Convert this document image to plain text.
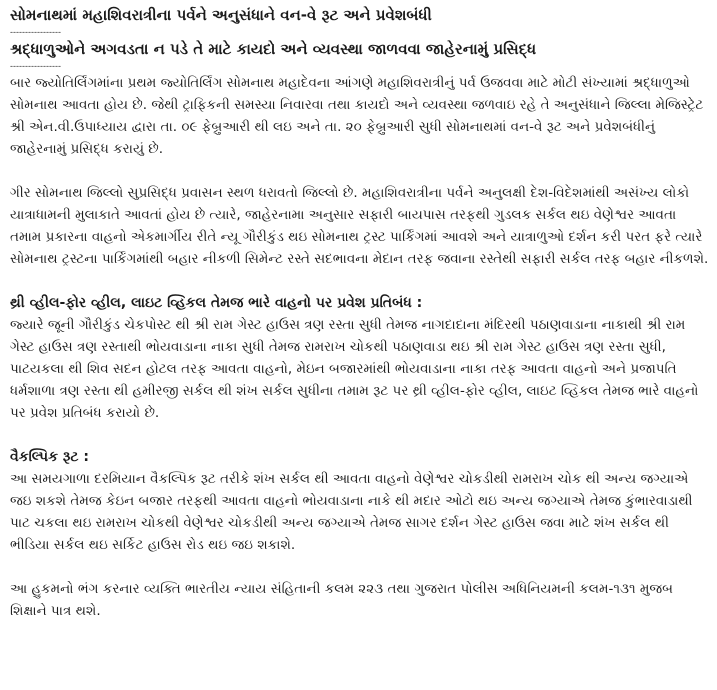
સોમનાથમાં મહાશિવરાત્રીના પર્વને અનુસંધાને વન-વે રૂટ અને પ્રવેશબંધી

-----------------

શ્રદ્ધાળુઓને અગવડતા ન પડે તે માટે કાયદો અને વ્યવસ્થા જાળવવા જાહેરનામું પ્રસિદ્ધ

-----------------

બાર જ્યોતિર્લિંગમાંના પ્રથમ જ્યોતિર્લિંગ સોમનાથ મહાદેવના આંગણે મહાશિવરાત્રીનું પર્વ ઉજવવા માટે મોટી સંખ્યામાં શ્રદ્ધાળુઓ સોમનાથ આવતા હોય છે. જેથી ટ્રાફિકની સમસ્યા નિવારવા તથા કાયદો અને વ્યવસ્થા જળવાઇ રહે તે અનુસંધાને જિલ્લા મેજિસ્ટ્રેટ શ્રી એન.વી.ઉપાધ્યાય દ્વારા તા. ૦૯ ફેબ્રુઆરી થી લઇ અને તા. ૨૦ ફેબ્રુઆરી સુધી સોમનાથમાં વન-વે રૂટ અને પ્રવેશબંધીનું જાહેરનામું પ્રસિદ્ધ કરાયું છે.

ગીર સોમનાથ જિલ્લો સુપ્રસિદ્ધ પ્રવાસન સ્થળ ધરાવતો જિલ્લો છે. મહાશિવરાત્રીના પર્વને અનુલક્ષી દેશ-વિદેશમાંથી અસંખ્ય લોકો યાત્રાધામની મુલાકાતે આવતાં હોય છે ત્યારે, જાહેરનામા અનુસાર સફારી બાયપાસ તરફથી ગુડલક સર્કલ થઇ વેણેશ્વર આવતા તમામ પ્રકારના વાહનો એકમાર્ગીય રીતે ન્યૂ ગૌરીકુંડ થઇ સોમનાથ ટ્રસ્ટ પાર્કિંગમાં આવશે અને યાત્રાળુઓ દર્શન કરી પરત ફરે ત્યારે સોમનાથ ટ્રસ્ટના પાર્કિંગમાંથી બહાર નીકળી સિમેન્ટ રસ્તે સદભાવના મેદાન તરફ જવાના રસ્તેથી સફારી સર્કલ તરફ બહાર નીકળશે.

થ્રી વ્હીલ-ફોર વ્હીલ, લાઇટ વ્હિકલ તેમજ ભારે વાહનો પર પ્રવેશ પ્રતિબંધ :

જ્યારે જૂની ગૌરીકુંડ ચેકપોસ્ટ થી શ્રી રામ ગેસ્ટ હાઉસ ત્રણ રસ્તા સુધી તેમજ નાગદાદાના મંદિરથી પઠાણવાડાના નાકાથી શ્રી રામ ગેસ્ટ હાઉસ ત્રણ રસ્તાથી ભોયવાડાના નાકા સુધી તેમજ રામરાખ ચોકથી પઠાણવાડા થઇ શ્રી રામ ગેસ્ટ હાઉસ ત્રણ રસ્તા સુધી, પાટયકલા થી શિવ સદન હોટલ તરફ આવતા વાહનો, મેઇન બજારમાંથી ભોયવાડાના નાકા તરફ આવતા વાહનો અને પ્રજાપતિ ધર્મશાળા ત્રણ રસ્તા થી હમીરજી સર્કલ થી શંખ સર્કલ સુધીના તમામ રૂટ પર થ્રી વ્હીલ-ફોર વ્હીલ, લાઇટ વ્હિકલ તેમજ ભારે વાહનો પર પ્રવેશ પ્રતિબંધ કરાયો છે.

વૈકલ્પિક રૂટ :

આ સમયગાળા દરમિયાન વૈકલ્પિક રૂટ તરીકે શંખ સર્કલ થી આવતા વાહનો વેણેશ્વર ચોકડીથી રામરાખ ચોક થી અન્ય જગ્યાએ જઇ શકશે તેમજ કેઇન બજાર તરફથી આવતા વાહનો ભોયવાડાના નાકે થી મદાર ઓટો થઇ અન્ય જગ્યાએ તેમજ કુંભારવાડાથી પાટ ચકલા થઇ રામરાખ ચોકથી વેણેશ્વર ચોકડીથી અન્ય જગ્યાએ તેમજ સાગર દર્શન ગેસ્ટ હાઉસ જવા માટે શંખ સર્કલ થી ભીડિયા સર્કલ થઇ સર્કિટ હાઉસ રોડ થઇ જઇ શકાશે.

આ હુકમનો ભંગ કરનાર વ્યક્તિ ભારતીય ન્યાય સંહિતાની કલમ ૨૨૩ તથા ગુજરાત પોલીસ અધિનિયમની કલમ-૧૩૧ મુજબ શિક્ષાને પાત્ર થશે.
